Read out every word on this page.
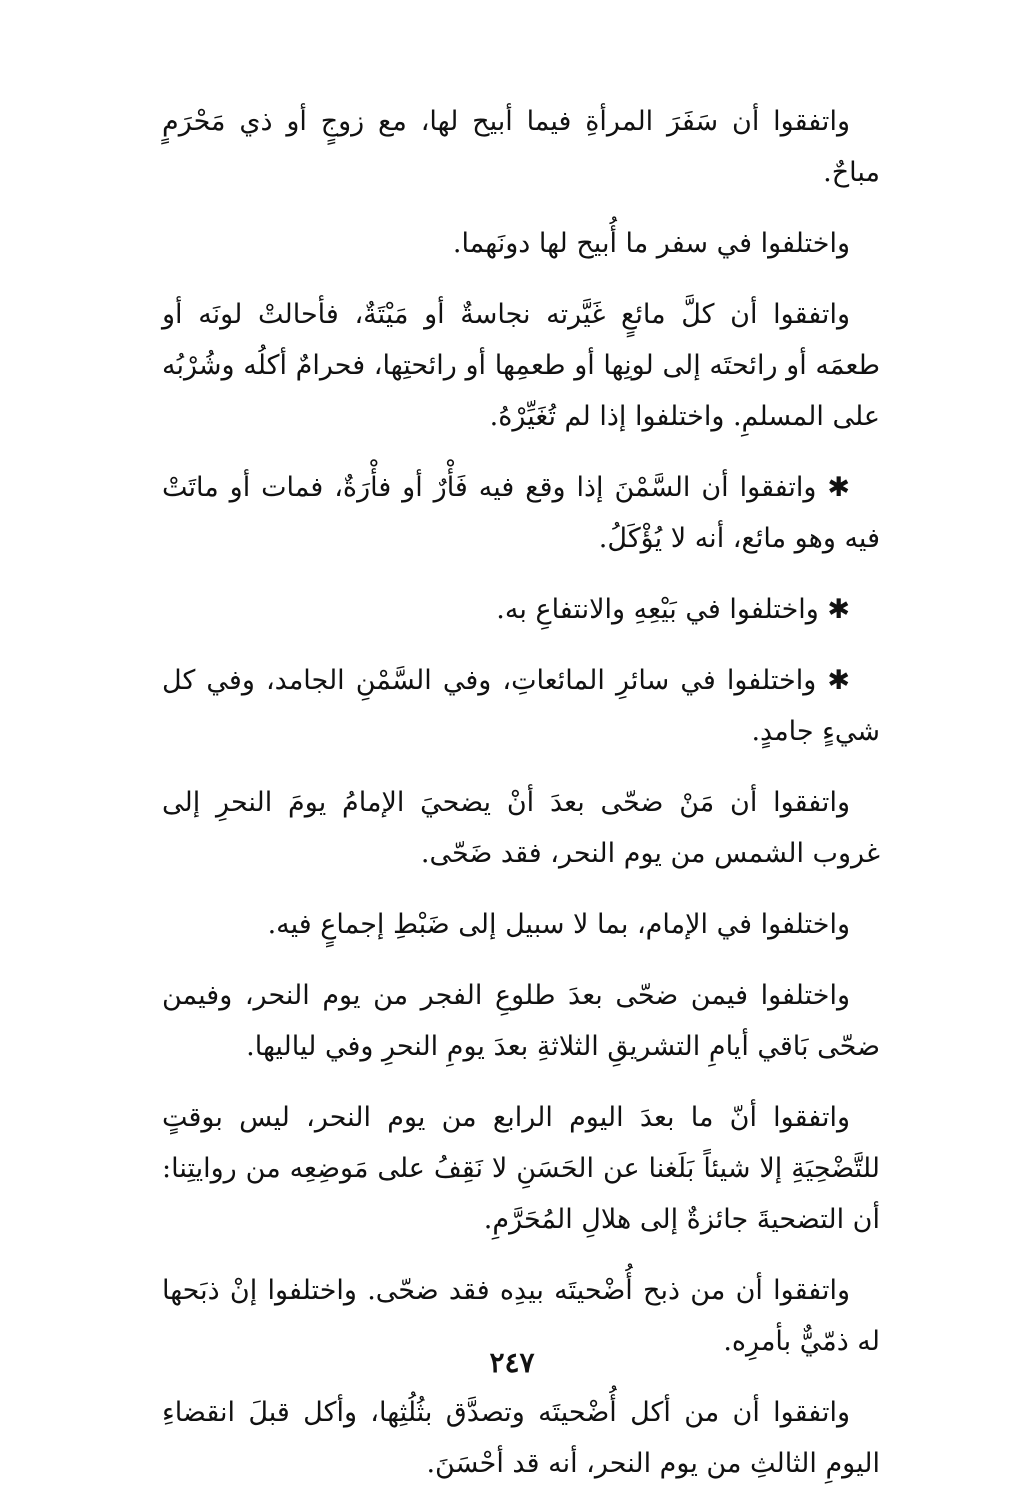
واتفقوا أن سَفَرَ المرأةِ فيما أبيح لها، مع زوجٍ أو ذي مَحْرَمٍ مباحٌ.

واختلفوا في سفر ما أُبيح لها دونَهما.

واتفقوا أن كلَّ مائعٍ غَيَّرته نجاسةٌ أو مَيْتَةٌ، فأحالتْ لونَه أو طعمَه أو رائحتَه إلى لونِها أو طعمِها أو رائحتِها، فحرامٌ أكلُه وشُرْبُه على المسلمِ. واختلفوا إذا لم تُغَيِّرْهُ.

✱ واتفقوا أن السَّمْنَ إذا وقع فيه فَأْرٌ أو فأْرَةٌ، فمات أو ماتَتْ فيه وهو مائع، أنه لا يُؤْكَلُ.

✱ واختلفوا في بَيْعِهِ والانتفاعِ به.

✱ واختلفوا في سائرِ المائعاتِ، وفي السَّمْنِ الجامد، وفي كل شيءٍ جامدٍ.

واتفقوا أن مَنْ ضحّى بعدَ أنْ يضحيَ الإمامُ يومَ النحرِ إلى غروب الشمس من يوم النحر، فقد ضَحّى.

واختلفوا في الإمام، بما لا سبيل إلى ضَبْطِ إجماعٍ فيه.

واختلفوا فيمن ضحّى بعدَ طلوعِ الفجر من يوم النحر، وفيمن ضحّى بَاقي أيامِ التشريقِ الثلاثةِ بعدَ يومِ النحرِ وفي لياليها.

واتفقوا أنّ ما بعدَ اليوم الرابع من يوم النحر، ليس بوقتٍ للتَّضْحِيَةِ إلا شيئاً بَلَغنا عن الحَسَنِ لا نَقِفُ على مَوضِعِه من روايتِنا: أن التضحيةَ جائزةٌ إلى هلالِ المُحَرَّمِ.

واتفقوا أن من ذبح أُضْحيتَه بيدِه فقد ضحّى. واختلفوا إنْ ذبَحها له ذمّيٌّ بأمرِه.

واتفقوا أن من أكل أُضْحيتَه وتصدَّق بثُلُثِها، وأكل قبلَ انقضاءِ اليومِ الثالثِ من يوم النحر، أنه قد أحْسَنَ.

٢٤٧
